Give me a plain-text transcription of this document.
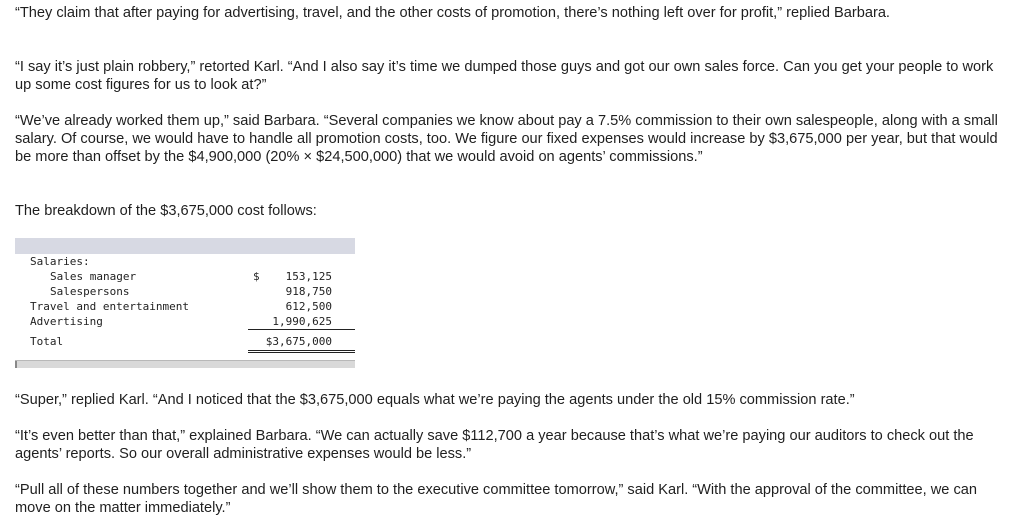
“They claim that after paying for advertising, travel, and the other costs of promotion, there’s nothing left over for profit,” replied Barbara.

“I say it’s just plain robbery,” retorted Karl. “And I also say it’s time we dumped those guys and got our own sales force. Can you get your people to work up some cost figures for us to look at?”

“We’ve already worked them up,” said Barbara. “Several companies we know about pay a 7.5% commission to their own salespeople, along with a small salary. Of course, we would have to handle all promotion costs, too. We figure our fixed expenses would increase by $3,675,000 per year, but that would be more than offset by the $4,900,000 (20% × $24,500,000) that we would avoid on agents’ commissions.”

The breakdown of the $3,675,000 cost follows:

Salaries:
Sales manager	$ 153,125
Salespersons	918,750
Travel and entertainment	612,500
Advertising	1,990,625
Total	$3,675,000

“Super,” replied Karl. “And I noticed that the $3,675,000 equals what we’re paying the agents under the old 15% commission rate.”

“It’s even better than that,” explained Barbara. “We can actually save $112,700 a year because that’s what we’re paying our auditors to check out the agents’ reports. So our overall administrative expenses would be less.”

“Pull all of these numbers together and we’ll show them to the executive committee tomorrow,” said Karl. “With the approval of the committee, we can move on the matter immediately.”
